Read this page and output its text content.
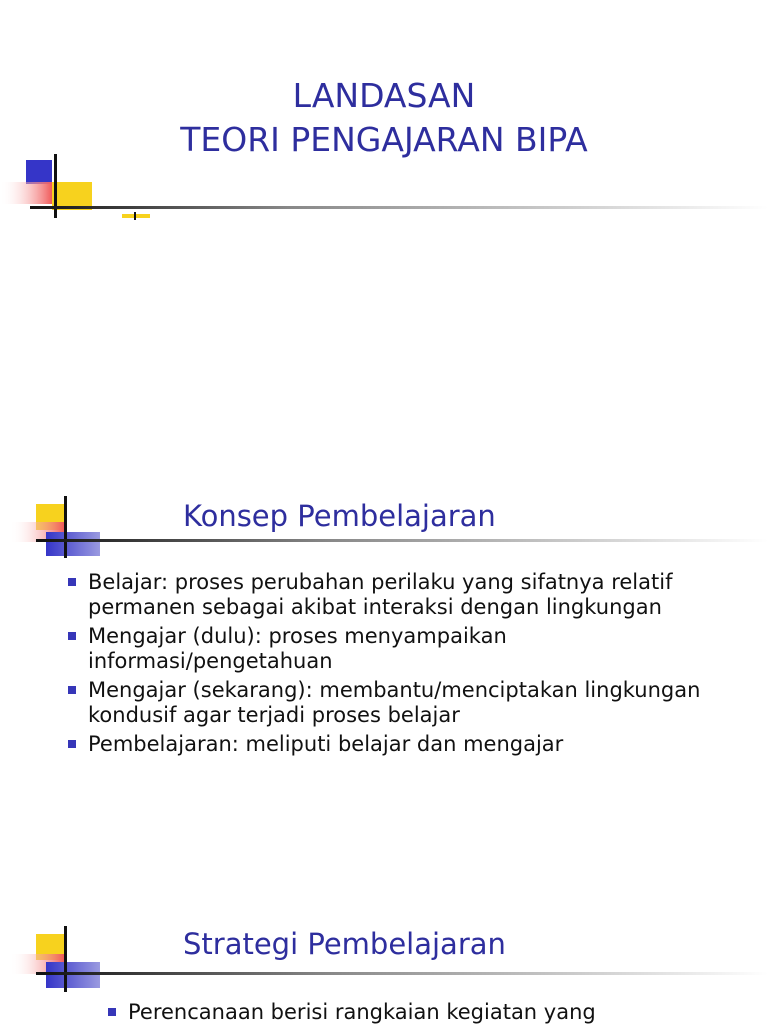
LANDASAN
TEORI PENGAJARAN BIPA
Konsep Pembelajaran
Belajar: proses perubahan perilaku yang sifatnya relatif permanen sebagai akibat interaksi dengan lingkungan
Mengajar (dulu): proses menyampaikan informasi/pengetahuan
Mengajar (sekarang): membantu/menciptakan lingkungan kondusif agar terjadi proses belajar
Pembelajaran: meliputi belajar dan mengajar
Strategi Pembelajaran
Perencanaan berisi rangkaian kegiatan yang
